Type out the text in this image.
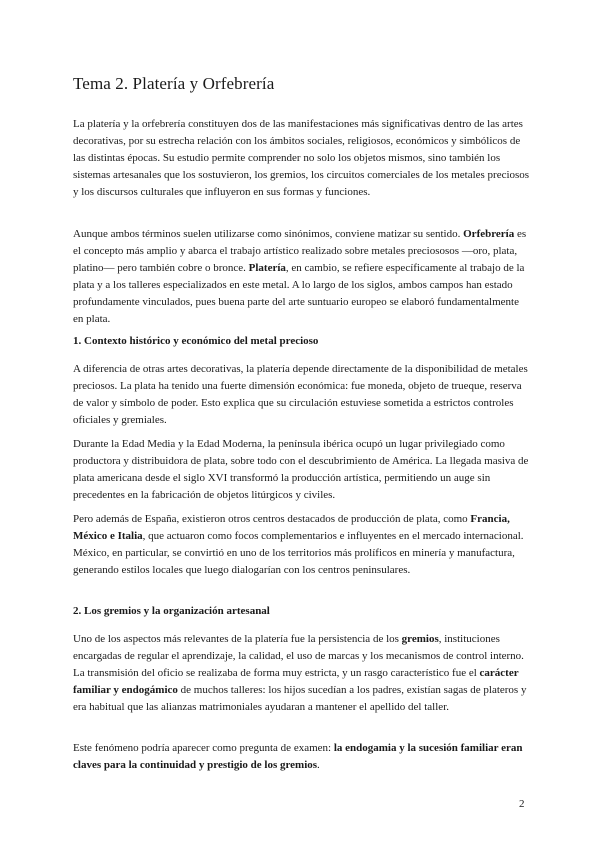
Tema 2. Platería y Orfebrería

La platería y la orfebrería constituyen dos de las manifestaciones más significativas dentro de las artes decorativas, por su estrecha relación con los ámbitos sociales, religiosos, económicos y simbólicos de las distintas épocas. Su estudio permite comprender no solo los objetos mismos, sino también los sistemas artesanales que los sostuvieron, los gremios, los circuitos comerciales de los metales preciosos y los discursos culturales que influyeron en sus formas y funciones.

Aunque ambos términos suelen utilizarse como sinónimos, conviene matizar su sentido. Orfebrería es el concepto más amplio y abarca el trabajo artístico realizado sobre metales preciososos —oro, plata, platino— pero también cobre o bronce. Platería, en cambio, se refiere específicamente al trabajo de la plata y a los talleres especializados en este metal. A lo largo de los siglos, ambos campos han estado profundamente vinculados, pues buena parte del arte suntuario europeo se elaboró fundamentalmente en plata.

1. Contexto histórico y económico del metal precioso

A diferencia de otras artes decorativas, la platería depende directamente de la disponibilidad de metales preciosos. La plata ha tenido una fuerte dimensión económica: fue moneda, objeto de trueque, reserva de valor y símbolo de poder. Esto explica que su circulación estuviese sometida a estrictos controles oficiales y gremiales.

Durante la Edad Media y la Edad Moderna, la península ibérica ocupó un lugar privilegiado como productora y distribuidora de plata, sobre todo con el descubrimiento de América. La llegada masiva de plata americana desde el siglo XVI transformó la producción artística, permitiendo un auge sin precedentes en la fabricación de objetos litúrgicos y civiles.

Pero además de España, existieron otros centros destacados de producción de plata, como Francia, México e Italia, que actuaron como focos complementarios e influyentes en el mercado internacional. México, en particular, se convirtió en uno de los territorios más prolíficos en minería y manufactura, generando estilos locales que luego dialogarían con los centros peninsulares.

2. Los gremios y la organización artesanal

Uno de los aspectos más relevantes de la platería fue la persistencia de los gremios, instituciones encargadas de regular el aprendizaje, la calidad, el uso de marcas y los mecanismos de control interno. La transmisión del oficio se realizaba de forma muy estricta, y un rasgo característico fue el carácter familiar y endogámico de muchos talleres: los hijos sucedían a los padres, existían sagas de plateros y era habitual que las alianzas matrimoniales ayudaran a mantener el apellido del taller.

Este fenómeno podría aparecer como pregunta de examen: la endogamia y la sucesión familiar eran claves para la continuidad y prestigio de los gremios.

2
